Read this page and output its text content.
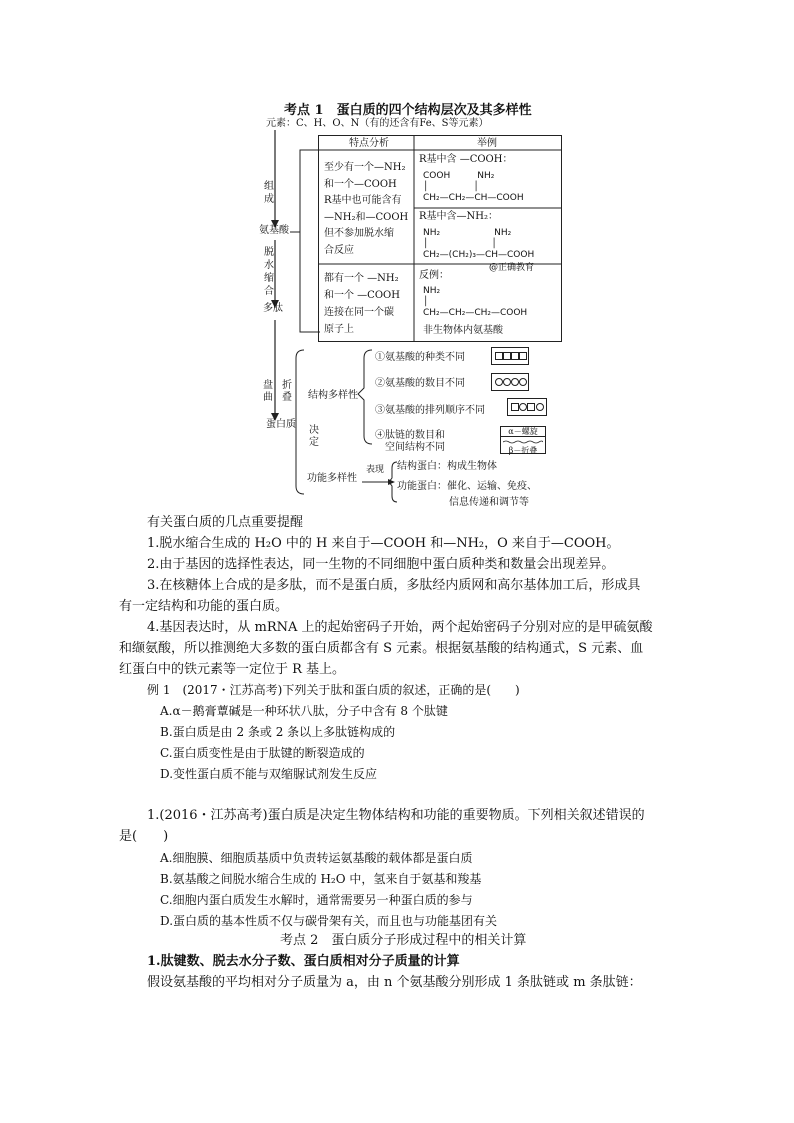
考点 1　蛋白质的四个结构层次及其多样性
元素：C、H、O、N（有的还含有Fe、S等元素）
组成
氨基酸
脱水缩合
多肽
盘曲
折叠
蛋白质
决定
特点分析	举例
至少有一个—NH₂
和一个—COOH
R基中也可能含有
—NH₂和—COOH
但不参加脱水缩
合反应
R基中含 —COOH：
COOH　　　NH₂
│　　　　　│
CH₂—CH₂—CH—COOH
R基中含—NH₂：
NH₂　　　　　　NH₂
│　　　　　　　│
CH₂—(CH₂)₃—CH—COOH
@正确教育
都有一个 —NH₂
和一个 —COOH
连接在同一个碳
原子上
反例：
NH₂
│
CH₂—CH₂—CH₂—COOH
非生物体内氨基酸
结构多样性
①氨基酸的种类不同
②氨基酸的数目不同
③氨基酸的排列顺序不同
④肽链的数目和
空间结构不同
α－螺旋
β－折叠
功能多样性
表现 结构蛋白：构成生物体
功能蛋白：催化、运输、免疫、
信息传递和调节等
有关蛋白质的几点重要提醒
1.脱水缩合生成的 H₂O 中的 H 来自于—COOH 和—NH₂，O 来自于—COOH。
2.由于基因的选择性表达，同一生物的不同细胞中蛋白质种类和数量会出现差异。
3.在核糖体上合成的是多肽，而不是蛋白质，多肽经内质网和高尔基体加工后，形成具
有一定结构和功能的蛋白质。
4.基因表达时，从 mRNA 上的起始密码子开始，两个起始密码子分别对应的是甲硫氨酸
和缬氨酸，所以推测绝大多数的蛋白质都含有 S 元素。根据氨基酸的结构通式，S 元素、血
红蛋白中的铁元素等一定位于 R 基上。
例 1　(2017・江苏高考)下列关于肽和蛋白质的叙述，正确的是(　　)
A.α－鹅膏蕈碱是一种环状八肽，分子中含有 8 个肽键
B.蛋白质是由 2 条或 2 条以上多肽链构成的
C.蛋白质变性是由于肽键的断裂造成的
D.变性蛋白质不能与双缩脲试剂发生反应
1.(2016・江苏高考)蛋白质是决定生物体结构和功能的重要物质。下列相关叙述错误的
是(　　)
A.细胞膜、细胞质基质中负责转运氨基酸的载体都是蛋白质
B.氨基酸之间脱水缩合生成的 H₂O 中，氢来自于氨基和羧基
C.细胞内蛋白质发生水解时，通常需要另一种蛋白质的参与
D.蛋白质的基本性质不仅与碳骨架有关，而且也与功能基团有关
考点 2　蛋白质分子形成过程中的相关计算
1.肽键数、脱去水分子数、蛋白质相对分子质量的计算
假设氨基酸的平均相对分子质量为 a，由 n 个氨基酸分别形成 1 条肽链或 m 条肽链：
